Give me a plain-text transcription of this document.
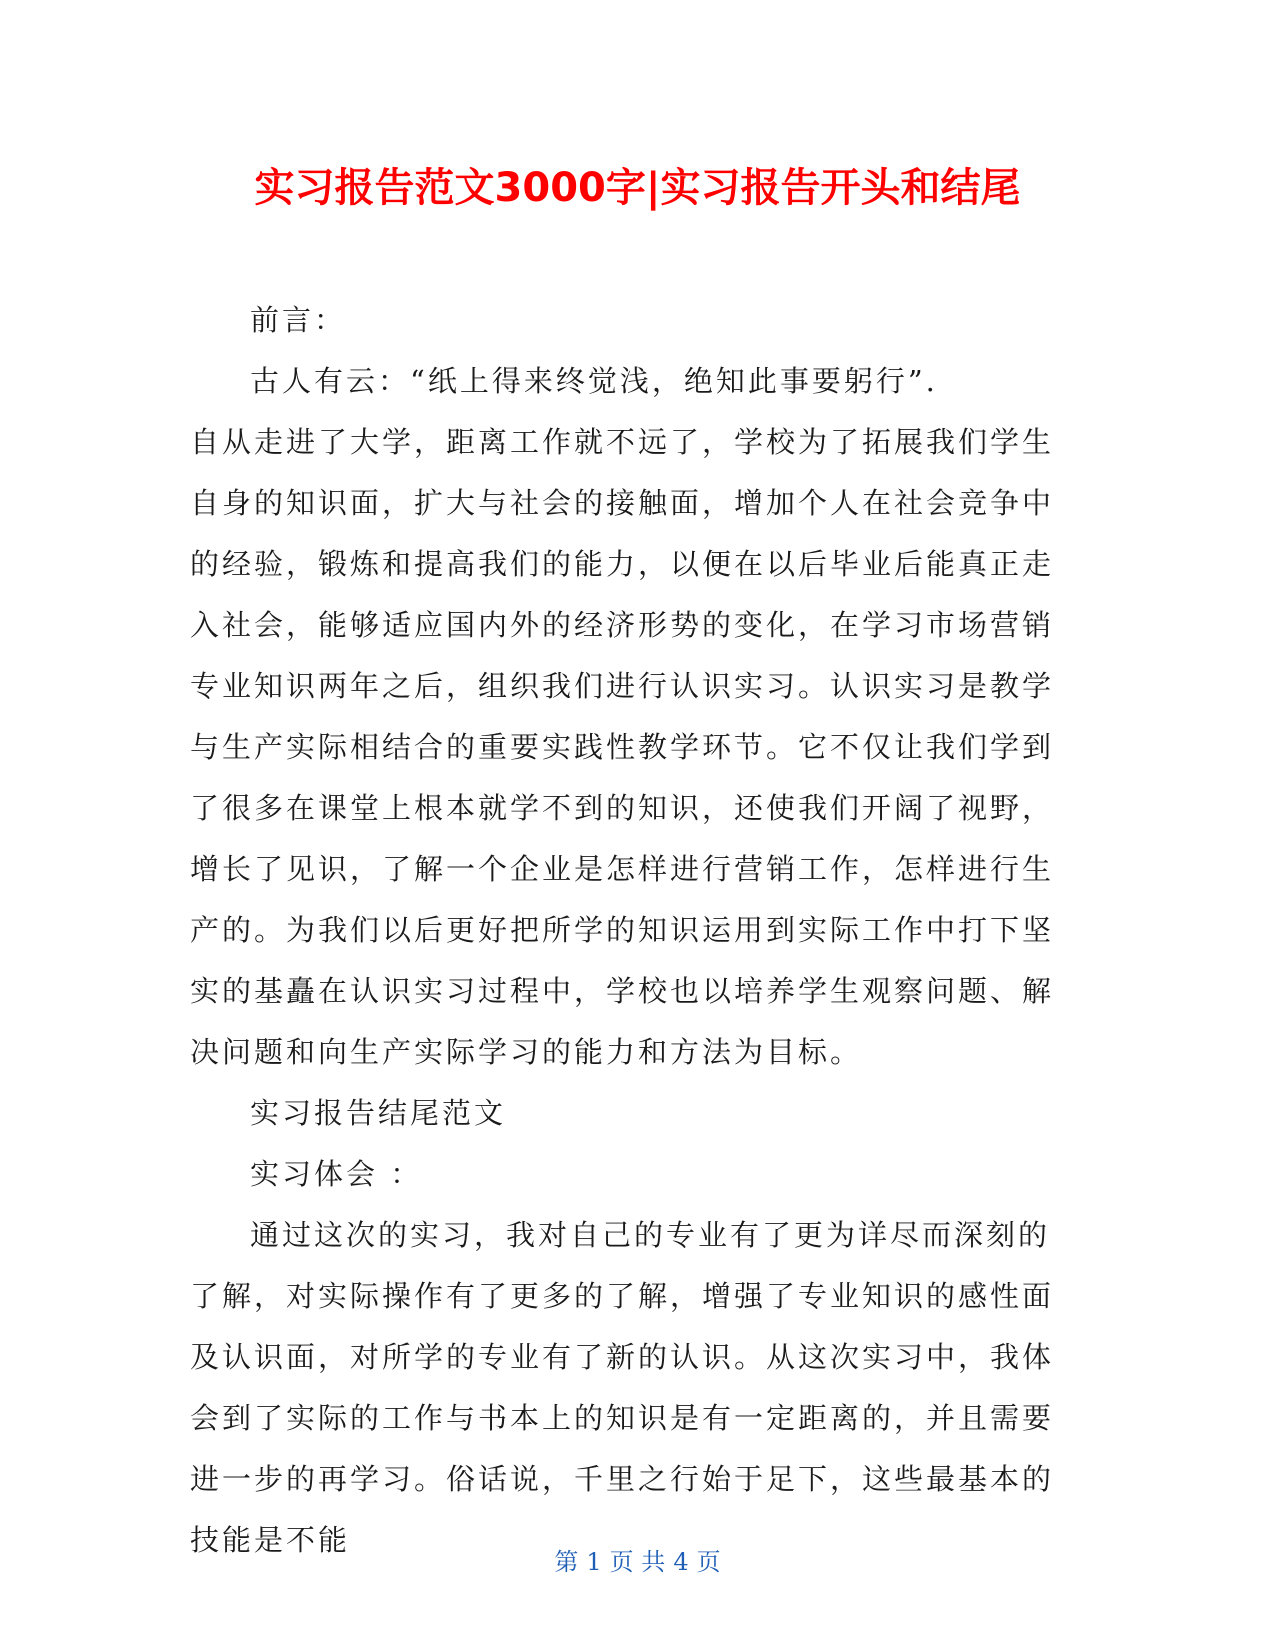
实习报告范文3000字|实习报告开头和结尾

前言：

古人有云：“纸上得来终觉浅，绝知此事要躬行”.

自从走进了大学，距离工作就不远了，学校为了拓展我们学生自身的知识面，扩大与社会的接触面，增加个人在社会竞争中的经验，锻炼和提高我们的能力，以便在以后毕业后能真正走入社会，能够适应国内外的经济形势的变化，在学习市场营销专业知识两年之后，组织我们进行认识实习。认识实习是教学与生产实际相结合的重要实践性教学环节。它不仅让我们学到了很多在课堂上根本就学不到的知识，还使我们开阔了视野，增长了见识，了解一个企业是怎样进行营销工作，怎样进行生产的。为我们以后更好把所学的知识运用到实际工作中打下坚实的基矗在认识实习过程中，学校也以培养学生观察问题、解决问题和向生产实际学习的能力和方法为目标。

实习报告结尾范文

实习体会 ：

通过这次的实习，我对自己的专业有了更为详尽而深刻的了解，对实际操作有了更多的了解，增强了专业知识的感性面及认识面，对所学的专业有了新的认识。从这次实习中，我体会到了实际的工作与书本上的知识是有一定距离的，并且需要进一步的再学习。俗话说，千里之行始于足下，这些最基本的技能是不能

第 1 页 共 4 页
